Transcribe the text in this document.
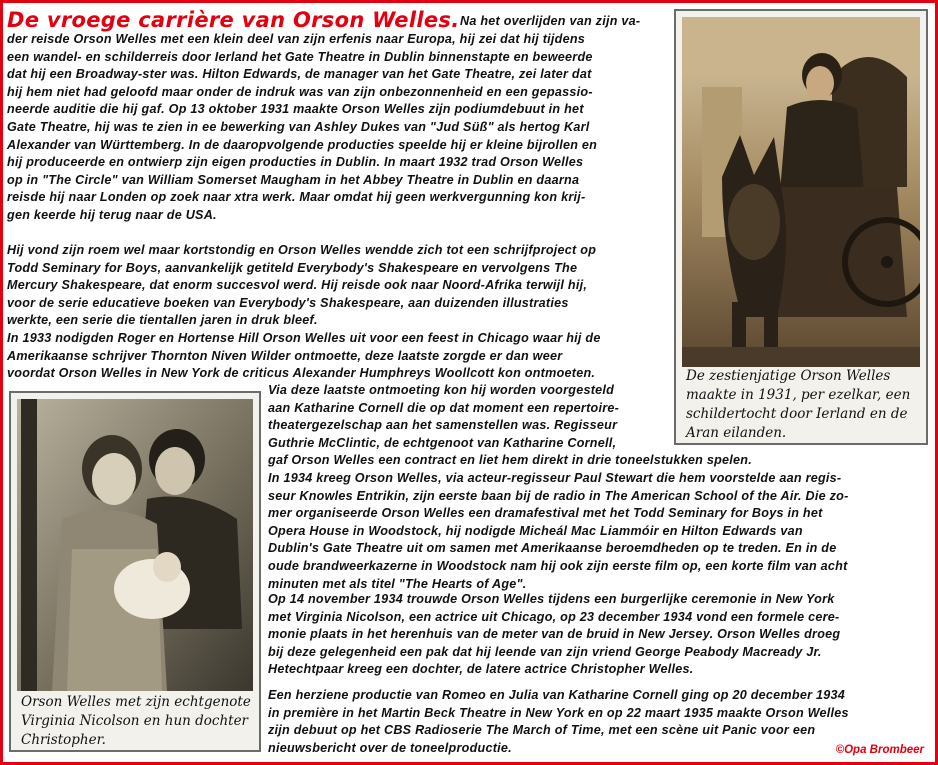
De vroege carrière van Orson Welles.
De zestienjatige Orson Welles
maakte in 1931, per ezelkar, een
schildertocht door Ierland en de
Aran eilanden.
Orson Welles met zijn echtgenote
Virginia Nicolson en hun dochter
Christopher.
Na het overlijden van zijn va-
der reisde Orson Welles met een klein deel van zijn erfenis naar Europa, hij zei dat hij tijdens
een wandel- en schilderreis door Ierland het Gate Theatre in Dublin binnenstapte en beweerde
dat hij een Broadway-ster was. Hilton Edwards, de manager van het Gate Theatre, zei later dat
hij hem niet had geloofd maar onder de indruk was van zijn onbezonnenheid en een gepassio-
neerde auditie die hij gaf. Op 13 oktober 1931 maakte Orson Welles zijn podiumdebuut in het
Gate Theatre, hij was te zien in ee bewerking van Ashley Dukes van "Jud Süß" als hertog Karl
Alexander van Württemberg. In de daaropvolgende producties speelde hij er kleine bijrollen en
hij produceerde en ontwierp zijn eigen producties in Dublin. In maart 1932 trad Orson Welles
op in "The Circle" van William Somerset Maugham in het Abbey Theatre in Dublin en daarna
reisde hij naar Londen op zoek naar xtra werk. Maar omdat hij geen werkvergunning kon krij-
gen keerde hij terug naar de USA.
Hij vond zijn roem wel maar kortstondig en Orson Welles wendde zich tot een schrijfproject op
Todd Seminary for Boys, aanvankelijk getiteld Everybody's Shakespeare en vervolgens The
Mercury Shakespeare, dat enorm succesvol werd. Hij reisde ook naar Noord-Afrika terwijl hij,
voor de serie educatieve boeken van Everybody's Shakespeare, aan duizenden illustraties
werkte, een serie die tientallen jaren in druk bleef.
In 1933 nodigden Roger en Hortense Hill Orson Welles uit voor een feest in Chicago waar hij de
Amerikaanse schrijver Thornton Niven Wilder ontmoette, deze laatste zorgde er dan weer
voordat Orson Welles in New York de criticus Alexander Humphreys Woollcott kon ontmoeten.
Via deze laatste ontmoeting kon hij worden voorgesteld
aan Katharine Cornell die op dat moment een repertoire-
theatergezelschap aan het samenstellen was. Regisseur
Guthrie McClintic, de echtgenoot van Katharine Cornell,
gaf Orson Welles een contract en liet hem direkt in drie toneelstukken spelen.
In 1934 kreeg Orson Welles, via acteur-regisseur Paul Stewart die hem voorstelde aan regis-
seur Knowles Entrikin, zijn eerste baan bij de radio in The American School of the Air. Die zo-
mer organiseerde Orson Welles een dramafestival met het Todd Seminary for Boys in het
Opera House in Woodstock, hij nodigde Micheál Mac Liammóir en Hilton Edwards van
Dublin's Gate Theatre uit om samen met Amerikaanse beroemdheden op te treden. En in de
oude brandweerkazerne in Woodstock nam hij ook zijn eerste film op, een korte film van acht
minuten met als titel "The Hearts of Age".
Op 14 november 1934 trouwde Orson Welles tijdens een burgerlijke ceremonie in New York
met Virginia Nicolson, een actrice uit Chicago, op 23 december 1934 vond een formele cere-
monie plaats in het herenhuis van de meter van de bruid in New Jersey. Orson Welles droeg
bij deze gelegenheid een pak dat hij leende van zijn vriend George Peabody Macready Jr.
Hetechtpaar kreeg een dochter, de latere actrice Christopher Welles.
Een herziene productie van Romeo en Julia van Katharine Cornell ging op 20 december 1934
in première in het Martin Beck Theatre in New York en op 22 maart 1935 maakte Orson Welles
zijn debuut op het CBS Radioserie The March of Time, met een scène uit Panic voor een
nieuwsbericht over de toneelproductie.	©Opa Brombeer
